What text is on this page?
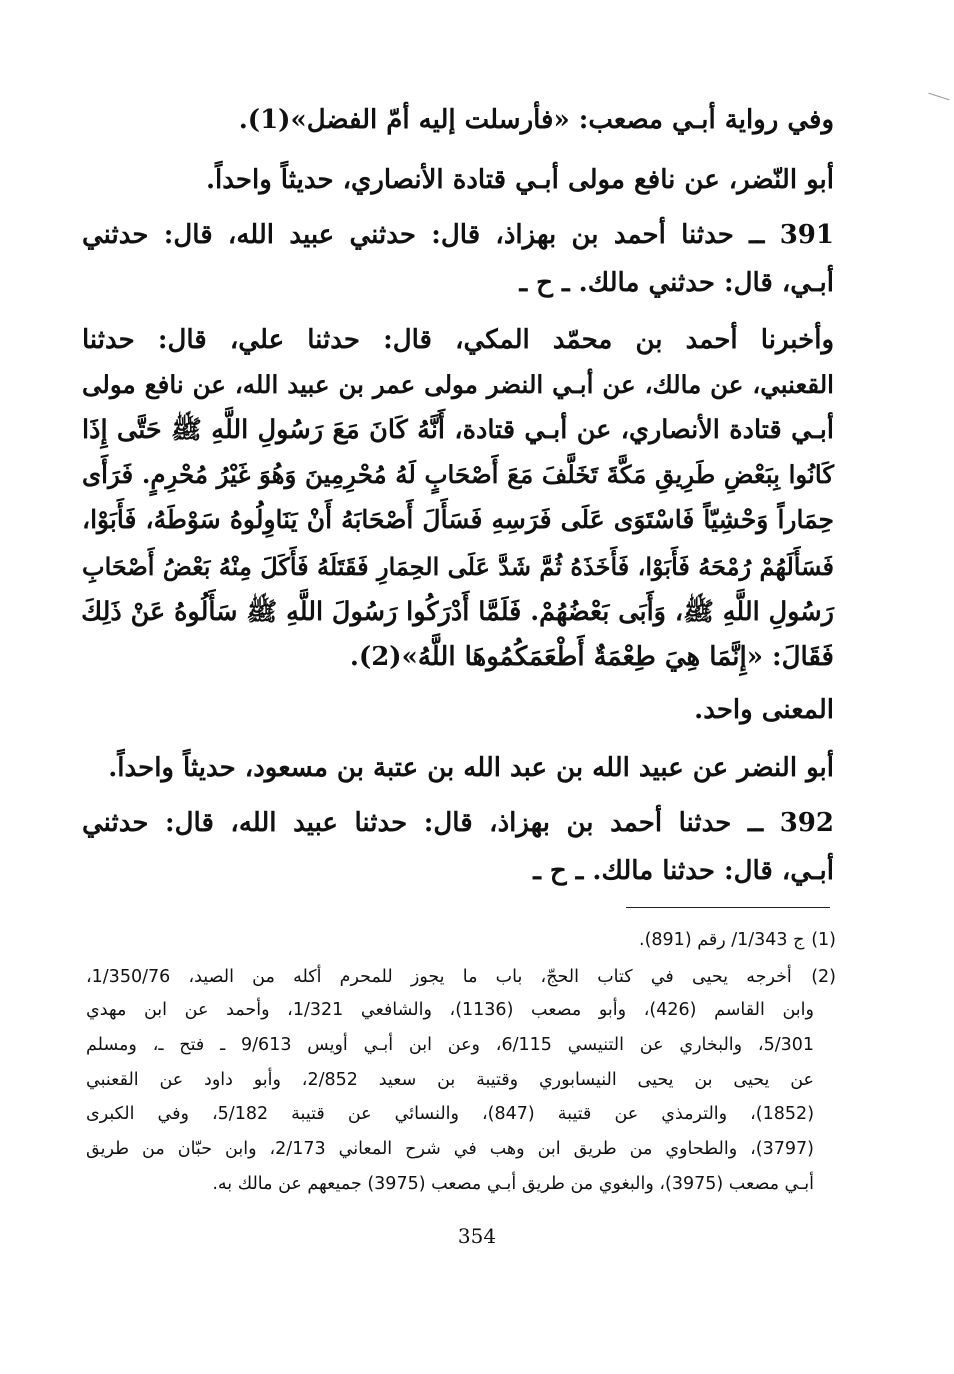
وفي رواية أبـي مصعب: «فأرسلت إليه أمّ الفضل»(1).
أبو النّضر، عن نافع مولى أبـي قتادة الأنصاري، حديثاً واحداً.
391 ــ حدثنا أحمد بن بهزاذ، قال: حدثني عبيد الله، قال: حدثني
أبـي، قال: حدثني مالك. ـ ح ـ
وأخبرنا أحمد بن محمّد المكي، قال: حدثنا علي، قال: حدثنا
القعنبي، عن مالك، عن أبـي النضر مولى عمر بن عبيد الله، عن نافع مولى
أبـي قتادة الأنصاري، عن أبـي قتادة، أَنَّهُ كَانَ مَعَ رَسُولِ اللَّهِ ﷺ حَتَّى إِذَا
كَانُوا بِبَعْضِ طَرِيقِ مَكَّةَ تَخَلَّفَ مَعَ أَصْحَابٍ لَهُ مُحْرِمِينَ وَهُوَ غَيْرُ مُحْرِمٍ. فَرَأَى
حِمَاراً وَحْشِيّاً فَاسْتَوَى عَلَى فَرَسِهِ فَسَأَلَ أَصْحَابَهُ أَنْ يَنَاوِلُوهُ سَوْطَهُ، فَأَبَوْا،
فَسَأَلَهُمْ رُمْحَهُ فَأَبَوْا، فَأَخَذَهُ ثُمَّ شَدَّ عَلَى الحِمَارِ فَقَتَلَهُ فَأَكَلَ مِنْهُ بَعْضُ أَصْحَابِ
رَسُولِ اللَّهِ ﷺ، وَأَبَى بَعْضُهُمْ. فَلَمَّا أَدْرَكُوا رَسُولَ اللَّهِ ﷺ سَأَلُوهُ عَنْ ذَلِكَ
فَقَالَ: «إِنَّمَا هِيَ طِعْمَةٌ أَطْعَمَكُمُوهَا اللَّهُ»(2).
المعنى واحد.
أبو النضر عن عبيد الله بن عبد الله بن عتبة بن مسعود، حديثاً واحداً.
392 ــ حدثنا أحمد بن بهزاذ، قال: حدثنا عبيد الله، قال: حدثني
أبـي، قال: حدثنا مالك. ـ ح ـ
(1) ج 1/343/ رقم (891).
(2) أخرجه يحيى في كتاب الحجّ، باب ما يجوز للمحرم أكله من الصيد، 1/350/76،
وابن القاسم (426)، وأبو مصعب (1136)، والشافعي 1/321، وأحمد عن ابن مهدي
5/301، والبخاري عن التنيسي 6/115، وعن ابن أبـي أويس 9/613 ـ فتح ـ، ومسلم
عن يحيى بن يحيى النيسابوري وقتيبة بن سعيد 2/852، وأبو داود عن القعنبي
(1852)، والترمذي عن قتيبة (847)، والنسائي عن قتيبة 5/182، وفي الكبرى
(3797)، والطحاوي من طريق ابن وهب في شرح المعاني 2/173، وابن حبّان من طريق
أبـي مصعب (3975)، والبغوي من طريق أبـي مصعب (3975) جميعهم عن مالك به.
354
